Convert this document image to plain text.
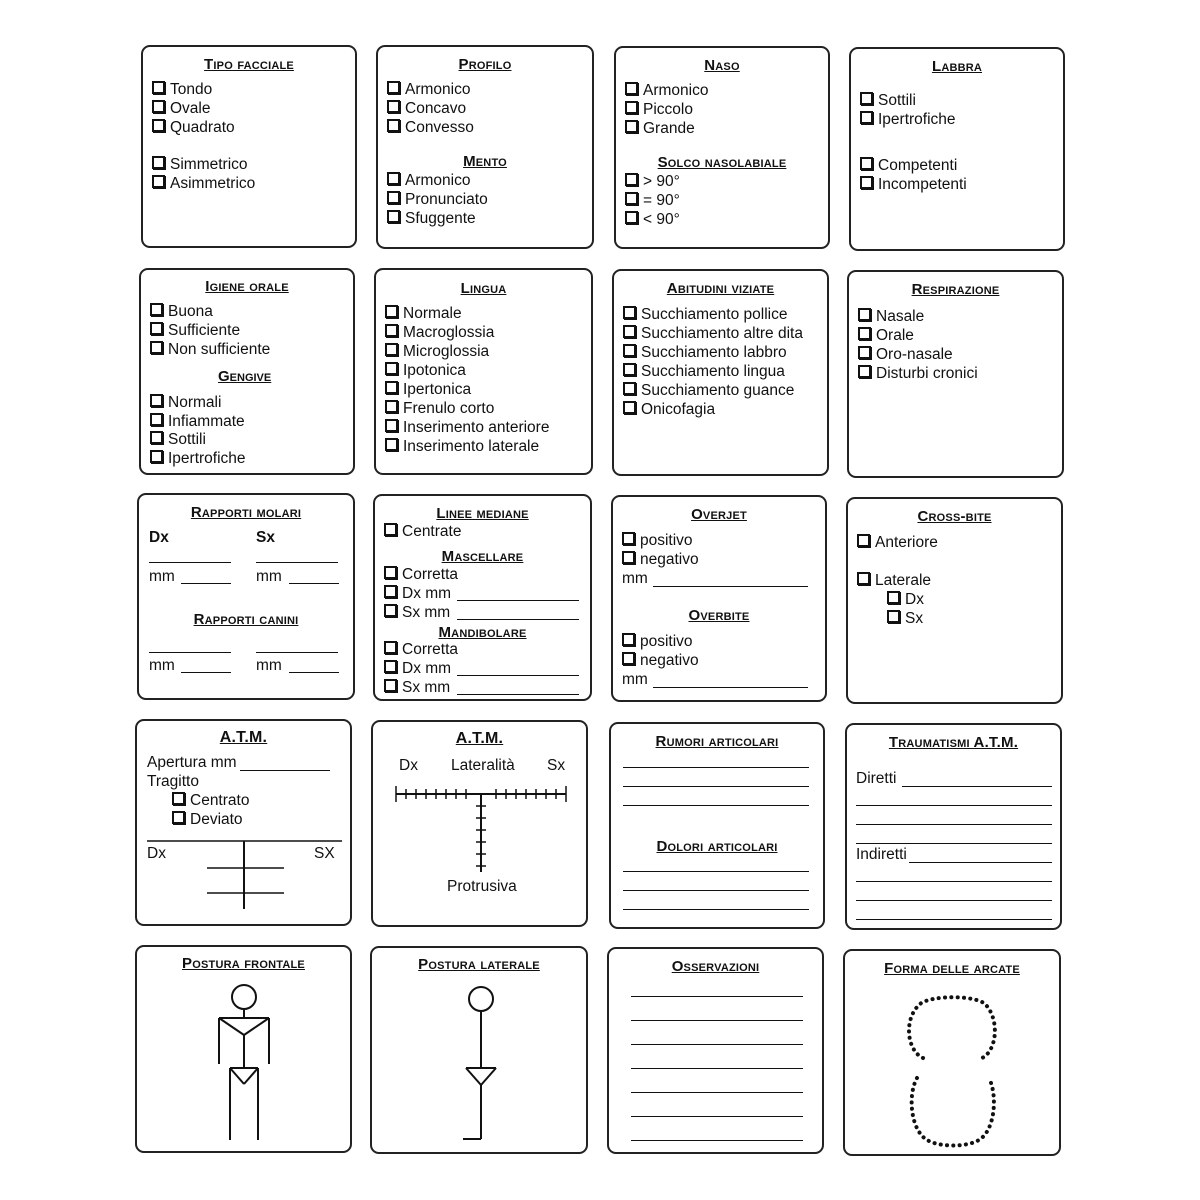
Tipo facciale
Tondo
Ovale
Quadrato
Simmetrico
Asimmetrico
Profilo
Armonico
Concavo
Convesso
Mento
Armonico
Pronunciato
Sfuggente
Naso
Armonico
Piccolo
Grande
Solco nasolabiale
> 90°
= 90°
< 90°
Labbra
Sottili
Ipertrofiche
Competenti
Incompetenti
Igiene orale
Buona
Sufficiente
Non sufficiente
Gengive
Normali
Infiammate
Sottili
Ipertrofiche
Lingua
Normale
Macroglossia
Microglossia
Ipotonica
Ipertonica
Frenulo corto
Inserimento anteriore
Inserimento laterale
Abitudini viziate
Succhiamento pollice
Succhiamento altre dita
Succhiamento labbro
Succhiamento lingua
Succhiamento guance
Onicofagia
Respirazione
Nasale
Orale
Oro-nasale
Disturbi cronici
Rapporti molari
Dx	Sx
mm	mm
Rapporti canini
mm	mm
Linee mediane
Centrate
Mascellare
Corretta
Dx mm
Sx mm
Mandibolare
Corretta
Dx mm
Sx mm
Overjet
positivo
negativo
mm
Overbite
positivo
negativo
mm
Cross-bite
Anteriore
Laterale
Dx
Sx
A.T.M.
Apertura mm
Tragitto
Centrato
Deviato
Dx	SX
A.T.M.
Dx Lateralità Sx
Protrusiva
Rumori articolari
Dolori articolari
Traumatismi A.T.M.
Diretti
Indiretti
Postura frontale	Postura laterale	Osservazioni	Forma delle arcate
